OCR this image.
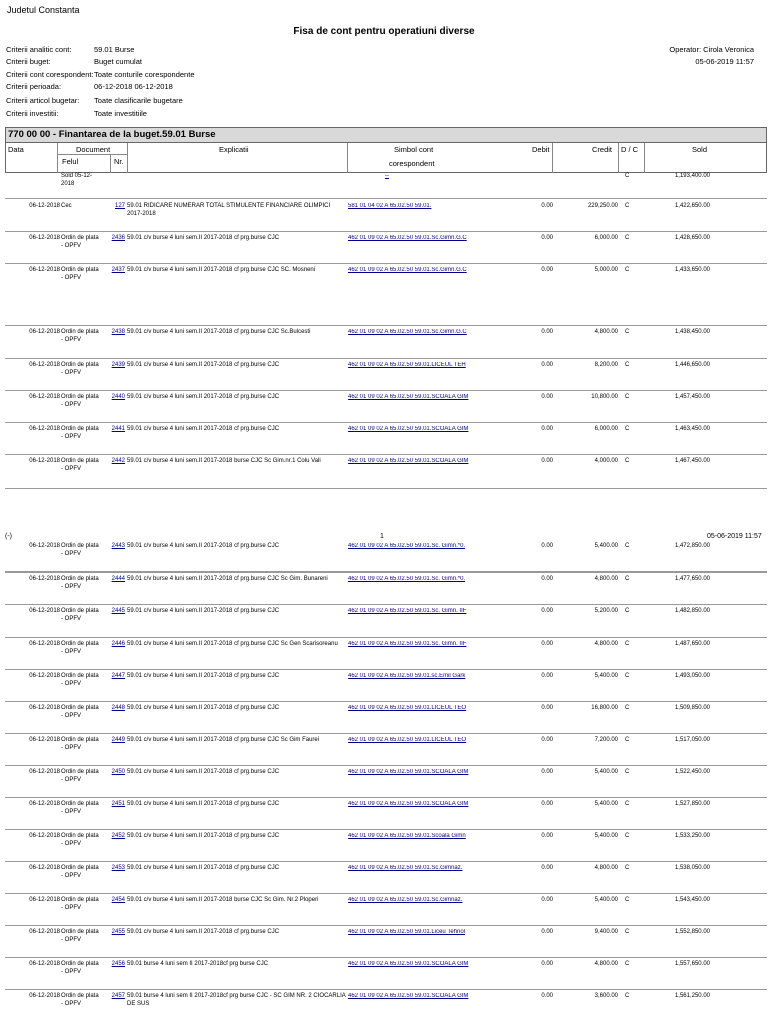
Judetul Constanta
Fisa de cont pentru operatiuni diverse
Criterii analitic cont:	59.01 Burse
Criterii buget:	Buget cumulat
Criterii cont corespondent: Toate conturile corespondente
Criterii perioada:	06-12-2018 06-12-2018
Criterii articol bugetar: Toate clasificarile bugetare
Criterii investitii:	Toate investitiile
Operator: Cirola Veronica
05-06-2019 11:57
770 00 00 - Finantarea de la buget.59.01 Burse
Data	Document
Felul	Nr.
Explicatii	Simbol cont
corespondent
Debit	Credit D / C	Sold
Sold 05-12-2018
--	C	1,193,400.00
06-12-2018 Cec	127 59.01 RIDICARE NUMERAR TOTAL STIMULENTE FINANCIARE OLIMPICI 2017-2018
581 01 04 02 A 65.02.50 59.01.	0.00	229,250.00 C	1,422,650.00
06-12-2018 Ordin de plata - OPFV
2436 59.01 c/v burse 4 luni sem.II 2017-2018 cf prg.burse CJC	462 01 09 02 A 65.02.50 59.01.Sc.Gimn.G.C	0.00	6,000.00 C	1,428,650.00
06-12-2018 Ordin de plata - OPFV
2437 59.01 c/v burse 4 luni sem.II 2017-2018 cf prg.burse CJC SC. Mosneni	462 01 09 02 A 65.02.50 59.01.Sc.Gimn.G.C	0.00	5,000.00 C	1,433,650.00
06-12-2018 Ordin de plata - OPFV
2438 59.01 c/v burse 4 luni sem.II 2017-2018 cf prg.burse CJC Sc.Bulcesti	462 01 09 02 A 65.02.50 59.01.Sc.Gimn.G.C	0.00	4,800.00 C	1,438,450.00
06-12-2018 Ordin de plata - OPFV
2439 59.01 c/v burse 4 luni sem.II 2017-2018 cf prg.burse CJC	462 01 09 02 A 65.02.50 59.01.LICEUL TEH	0.00	8,200.00 C	1,446,650.00
06-12-2018 Ordin de plata - OPFV
2440 59.01 c/v burse 4 luni sem.II 2017-2018 cf prg.burse CJC	462 01 09 02 A 65.02.50 59.01.SCOALA GIM	0.00	10,800.00 C	1,457,450.00
06-12-2018 Ordin de plata - OPFV
2441 59.01 c/v burse 4 luni sem.II 2017-2018 cf prg.burse CJC	462 01 09 02 A 65.02.50 59.01.SCOALA GIM	0.00	6,000.00 C	1,463,450.00
06-12-2018 Ordin de plata - OPFV
2442 59.01 c/v burse 4 luni sem.II 2017-2018 burse CJC Sc Gim.nr.1 Colu Vali	462 01 09 02 A 65.02.50 59.01.SCOALA GIM	0.00	4,000.00 C	1,467,450.00
06-12-2018 Ordin de plata - OPFV
2443 59.01 c/v burse 4 luni sem.II 2017-2018 cf prg.burse CJC	462 01 09 02 A 65.02.50 59.01.Sc. Gimn.*0.	0.00	5,400.00 C	1,472,850.00
06-12-2018 Ordin de plata - OPFV
2444 59.01 c/v burse 4 luni sem.II 2017-2018 cf prg.burse CJC Sc Gim. Bunareni	462 01 09 02 A 65.02.50 59.01.Sc. Gimn.*0.	0.00	4,800.00 C	1,477,650.00
06-12-2018 Ordin de plata - OPFV
2445 59.01 c/v burse 4 luni sem.II 2017-2018 cf prg.burse CJC	462 01 09 02 A 65.02.50 59.01.Sc. Gimn. IIF	0.00	5,200.00 C	1,482,850.00
06-12-2018 Ordin de plata - OPFV
2446 59.01 c/v burse 4 luni sem.II 2017-2018 cf prg.burse CJC Sc Gen Scarisoreanu	462 01 09 02 A 65.02.50 59.01.Sc. Gimn. IIF	0.00	4,800.00 C	1,487,650.00
06-12-2018 Ordin de plata - OPFV
2447 59.01 c/v burse 4 luni sem.II 2017-2018 cf prg.burse CJC	462 01 09 02 A 65.02.50 59.01.sc.Emil Gark	0.00	5,400.00 C	1,493,050.00
06-12-2018 Ordin de plata - OPFV
2448 59.01 c/v burse 4 luni sem.II 2017-2018 cf prg.burse CJC	462 01 09 02 A 65.02.50 59.01.LICEUL TEO	0.00	16,800.00 C	1,509,850.00
06-12-2018 Ordin de plata - OPFV
2449 59.01 c/v burse 4 luni sem.II 2017-2018 cf prg.burse CJC Sc Gim Faurei	462 01 09 02 A 65.02.50 59.01.LICEUL TEO	0.00	7,200.00 C	1,517,050.00
06-12-2018 Ordin de plata - OPFV
2450 59.01 c/v burse 4 luni sem.II 2017-2018 cf prg.burse CJC	462 01 09 02 A 65.02.50 59.01.SCOALA GIM	0.00	5,400.00 C	1,522,450.00
06-12-2018 Ordin de plata - OPFV
2451 59.01 c/v burse 4 luni sem.II 2017-2018 cf prg.burse CJC	462 01 09 02 A 65.02.50 59.01.SCOALA GIM	0.00	5,400.00 C	1,527,850.00
06-12-2018 Ordin de plata - OPFV
2452 59.01 c/v burse 4 luni sem.II 2017-2018 cf prg.burse CJC	462 01 09 02 A 65.02.50 59.01.Scoala Gimn	0.00	5,400.00 C	1,533,250.00
06-12-2018 Ordin de plata - OPFV
2453 59.01 c/v burse 4 luni sem.II 2017-2018 cf prg.burse CJC	462 01 09 02 A 65.02.50 59.01.Sc.Gimnaz.	0.00	4,800.00 C	1,538,050.00
06-12-2018 Ordin de plata - OPFV
2454 59.01 c/v burse 4 luni sem.II 2017-2018 burse CJC Sc Gim. Nr.2 Ploperi	462 01 09 02 A 65.02.50 59.01.Sc.Gimnaz.	0.00	5,400.00 C	1,543,450.00
06-12-2018 Ordin de plata - OPFV
2455 59.01 c/v burse 4 luni sem.II 2017-2018 cf prg.burse CJC	462 01 09 02 A 65.02.50 59.01.Liceu Tehnol	0.00	9,400.00 C	1,552,850.00
06-12-2018 Ordin de plata - OPFV
2456 59.01 burse 4 luni sem II 2017-2018cf prg burse CJC	462 01 09 02 A 65.02.50 59.01.SCOALA GIM	0.00	4,800.00 C	1,557,650.00
06-12-2018 Ordin de plata - OPFV
2457 59.01 burse 4 luni sem II 2017-2018cf prg burse CJC - SC GIM NR. 2 CIOCARLIA DE SUS
462 01 09 02 A 65.02.50 59.01.SCOALA GIM	0.00	3,600.00 C	1,561,250.00
(-)	1	05-06-2019 11:57
